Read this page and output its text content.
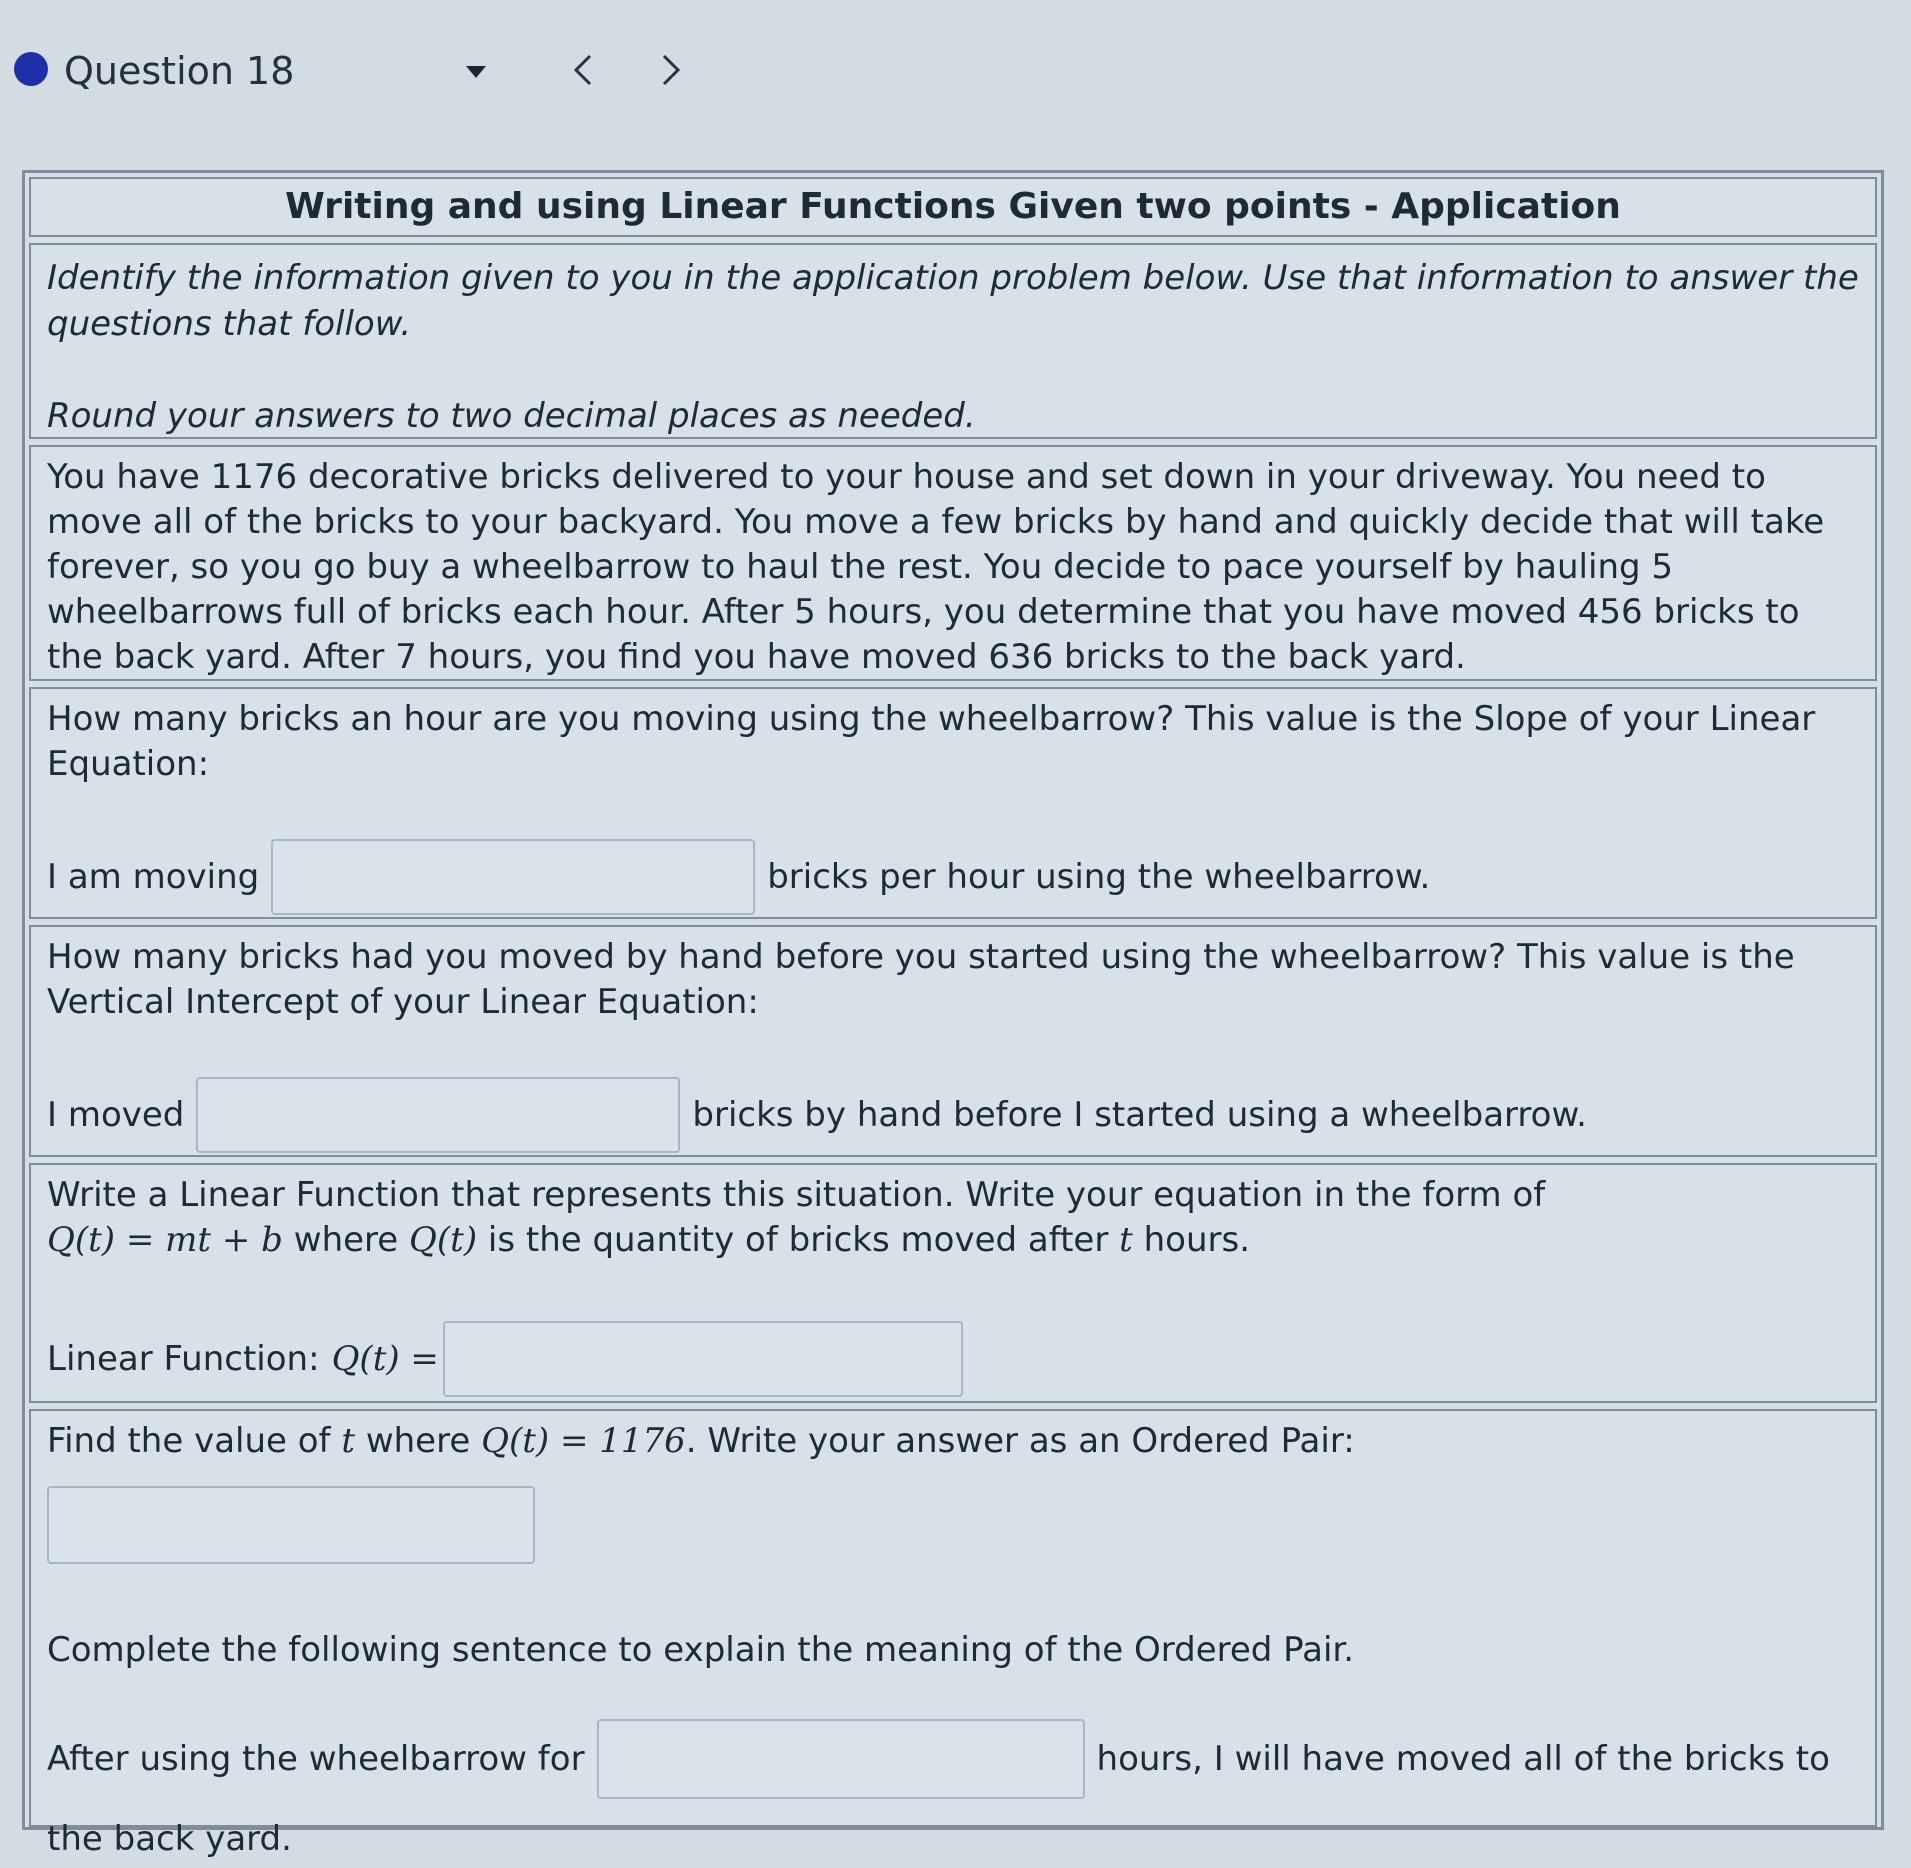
Question 18
Writing and using Linear Functions Given two points - Application

Identify the information given to you in the application problem below. Use that information to answer the questions that follow.

Round your answers to two decimal places as needed.

You have 1176 decorative bricks delivered to your house and set down in your driveway. You need to move all of the bricks to your backyard. You move a few bricks by hand and quickly decide that will take forever, so you go buy a wheelbarrow to haul the rest. You decide to pace yourself by hauling 5 wheelbarrows full of bricks each hour. After 5 hours, you determine that you have moved 456 bricks to the back yard. After 7 hours, you find you have moved 636 bricks to the back yard.

How many bricks an hour are you moving using the wheelbarrow? This value is the Slope of your Linear Equation:

I am moving	bricks per hour using the wheelbarrow.

How many bricks had you moved by hand before you started using the wheelbarrow? This value is the Vertical Intercept of your Linear Equation:

I moved	bricks by hand before I started using a wheelbarrow.

Write a Linear Function that represents this situation. Write your equation in the form of
Q(t) = mt + b where Q(t) is the quantity of bricks moved after t hours.

Linear Function: Q(t) =

Find the value of t where Q(t) = 1176. Write your answer as an Ordered Pair:

Complete the following sentence to explain the meaning of the Ordered Pair.

After using the wheelbarrow for	hours, I will have moved all of the bricks to

the back yard.
